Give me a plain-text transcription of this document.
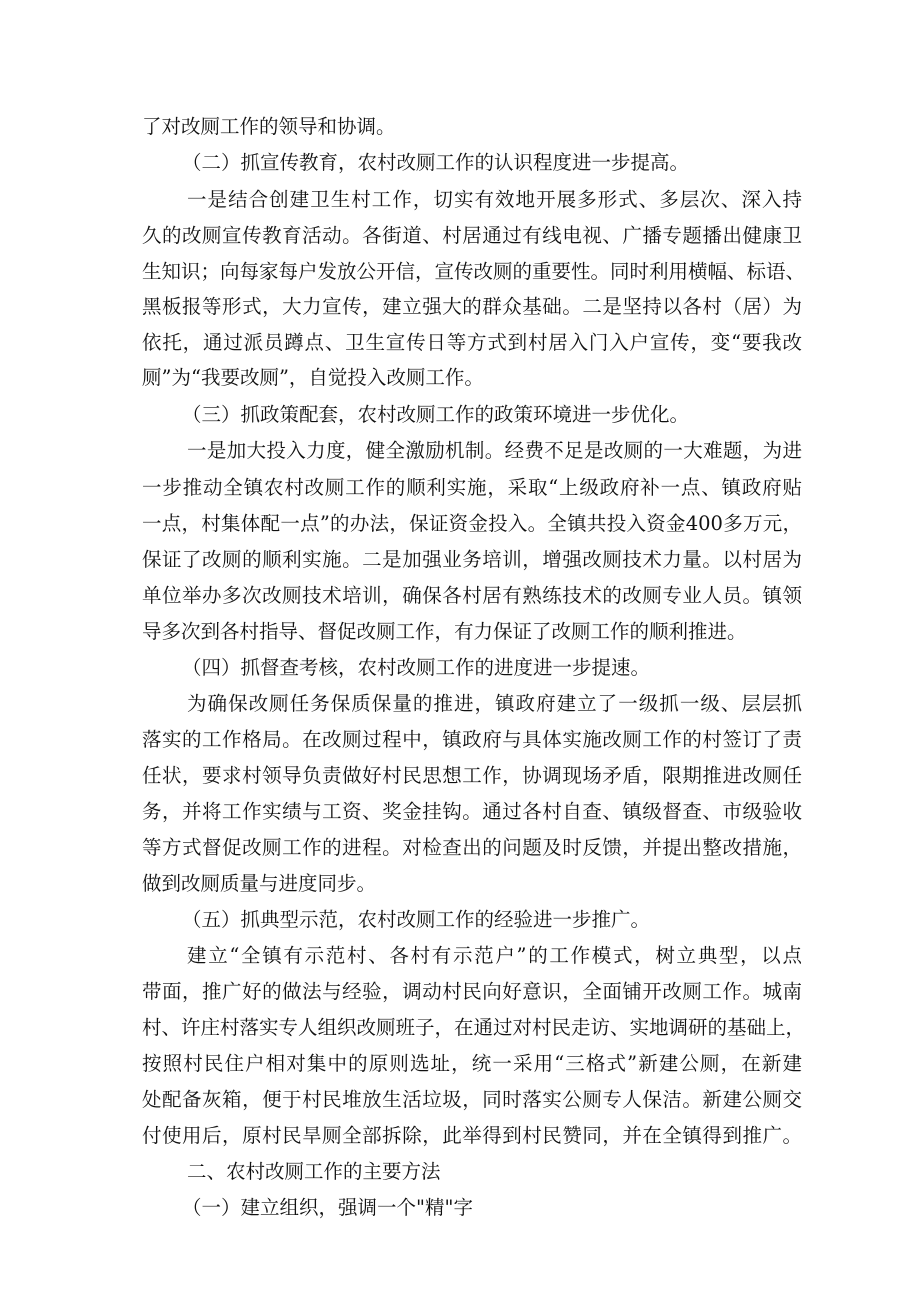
了对改厕工作的领导和协调。
（二）抓宣传教育，农村改厕工作的认识程度进一步提高。
一是结合创建卫生村工作，切实有效地开展多形式、多层次、深入持
久的改厕宣传教育活动。各街道、村居通过有线电视、广播专题播出健康卫
生知识；向每家每户发放公开信，宣传改厕的重要性。同时利用横幅、标语、
黑板报等形式，大力宣传，建立强大的群众基础。二是坚持以各村（居）为
依托，通过派员蹲点、卫生宣传日等方式到村居入门入户宣传，变“要我改
厕”为“我要改厕”，自觉投入改厕工作。
（三）抓政策配套，农村改厕工作的政策环境进一步优化。
一是加大投入力度，健全激励机制。经费不足是改厕的一大难题，为进
一步推动全镇农村改厕工作的顺利实施，采取“上级政府补一点、镇政府贴
一点，村集体配一点”的办法，保证资金投入。全镇共投入资金400多万元，
保证了改厕的顺利实施。二是加强业务培训，增强改厕技术力量。以村居为
单位举办多次改厕技术培训，确保各村居有熟练技术的改厕专业人员。镇领
导多次到各村指导、督促改厕工作，有力保证了改厕工作的顺利推进。
（四）抓督查考核，农村改厕工作的进度进一步提速。
为确保改厕任务保质保量的推进，镇政府建立了一级抓一级、层层抓
落实的工作格局。在改厕过程中，镇政府与具体实施改厕工作的村签订了责
任状，要求村领导负责做好村民思想工作，协调现场矛盾，限期推进改厕任
务，并将工作实绩与工资、奖金挂钩。通过各村自查、镇级督查、市级验收
等方式督促改厕工作的进程。对检查出的问题及时反馈，并提出整改措施，
做到改厕质量与进度同步。
（五）抓典型示范，农村改厕工作的经验进一步推广。
建立“全镇有示范村、各村有示范户”的工作模式，树立典型，以点
带面，推广好的做法与经验，调动村民向好意识，全面铺开改厕工作。城南
村、许庄村落实专人组织改厕班子，在通过对村民走访、实地调研的基础上，
按照村民住户相对集中的原则选址，统一采用“三格式”新建公厕，在新建
处配备灰箱，便于村民堆放生活垃圾，同时落实公厕专人保洁。新建公厕交
付使用后，原村民旱厕全部拆除，此举得到村民赞同，并在全镇得到推广。
二、农村改厕工作的主要方法
（一）建立组织，强调一个"精"字
